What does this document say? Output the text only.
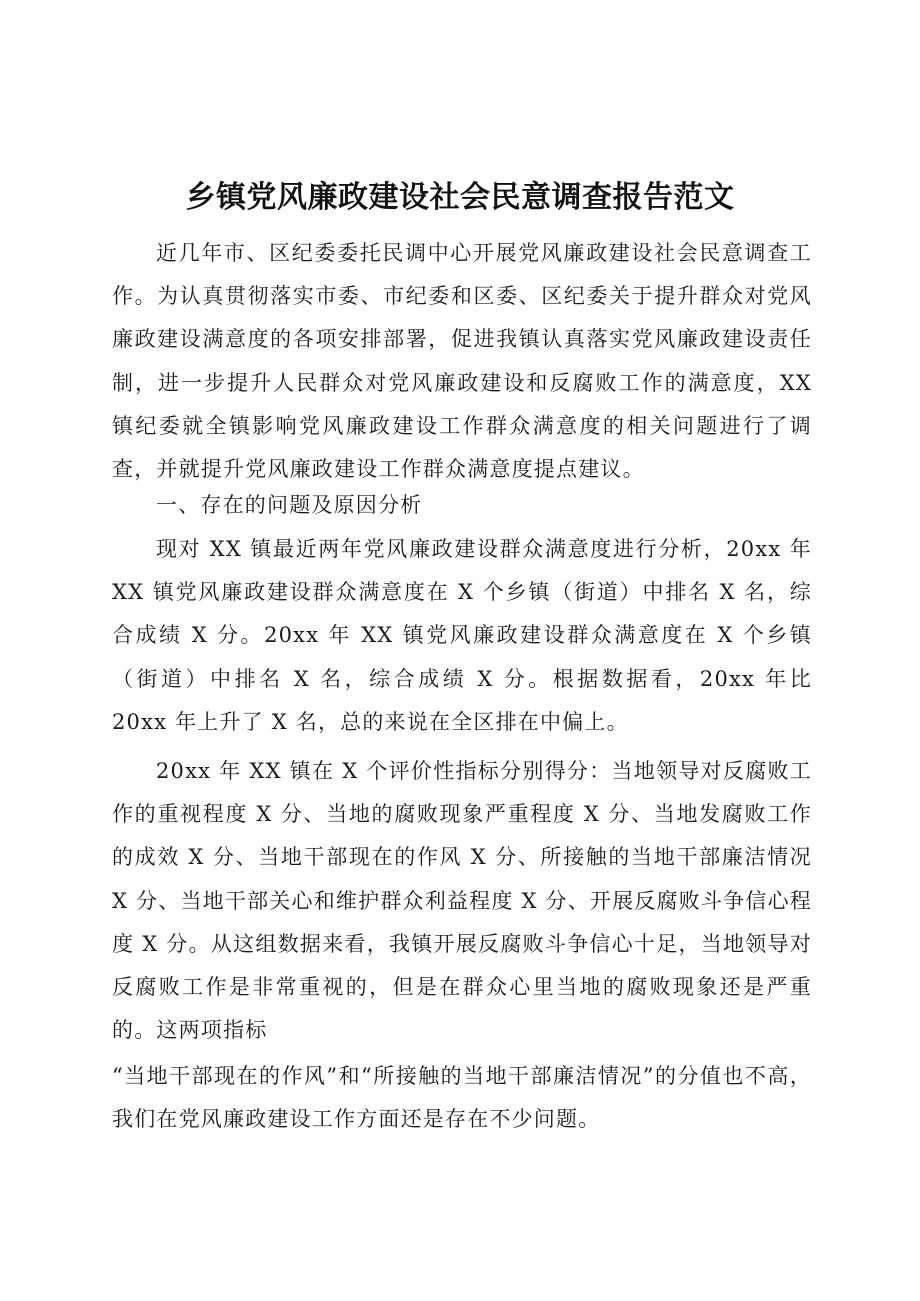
乡镇党风廉政建设社会民意调查报告范文

近几年市、区纪委委托民调中心开展党风廉政建设社会民意调查工作。为认真贯彻落实市委、市纪委和区委、区纪委关于提升群众对党风廉政建设满意度的各项安排部署，促进我镇认真落实党风廉政建设责任制，进一步提升人民群众对党风廉政建设和反腐败工作的满意度，XX 镇纪委就全镇影响党风廉政建设工作群众满意度的相关问题进行了调查，并就提升党风廉政建设工作群众满意度提点建议。

一、存在的问题及原因分析

现对 XX 镇最近两年党风廉政建设群众满意度进行分析，20xx 年 XX 镇党风廉政建设群众满意度在 X 个乡镇（街道）中排名 X 名，综合成绩 X 分。20xx 年 XX 镇党风廉政建设群众满意度在 X 个乡镇（街道）中排名 X 名，综合成绩 X 分。根据数据看，20xx 年比 20xx 年上升了 X 名，总的来说在全区排在中偏上。

20xx 年 XX 镇在 X 个评价性指标分别得分：当地领导对反腐败工作的重视程度 X 分、当地的腐败现象严重程度 X 分、当地发腐败工作的成效 X 分、当地干部现在的作风 X 分、所接触的当地干部廉洁情况 X 分、当地干部关心和维护群众利益程度 X 分、开展反腐败斗争信心程度 X 分。从这组数据来看，我镇开展反腐败斗争信心十足，当地领导对反腐败工作是非常重视的，但是在群众心里当地的腐败现象还是严重的。这两项指标

“当地干部现在的作风”和“所接触的当地干部廉洁情况”的分值也不高，我们在党风廉政建设工作方面还是存在不少问题。
